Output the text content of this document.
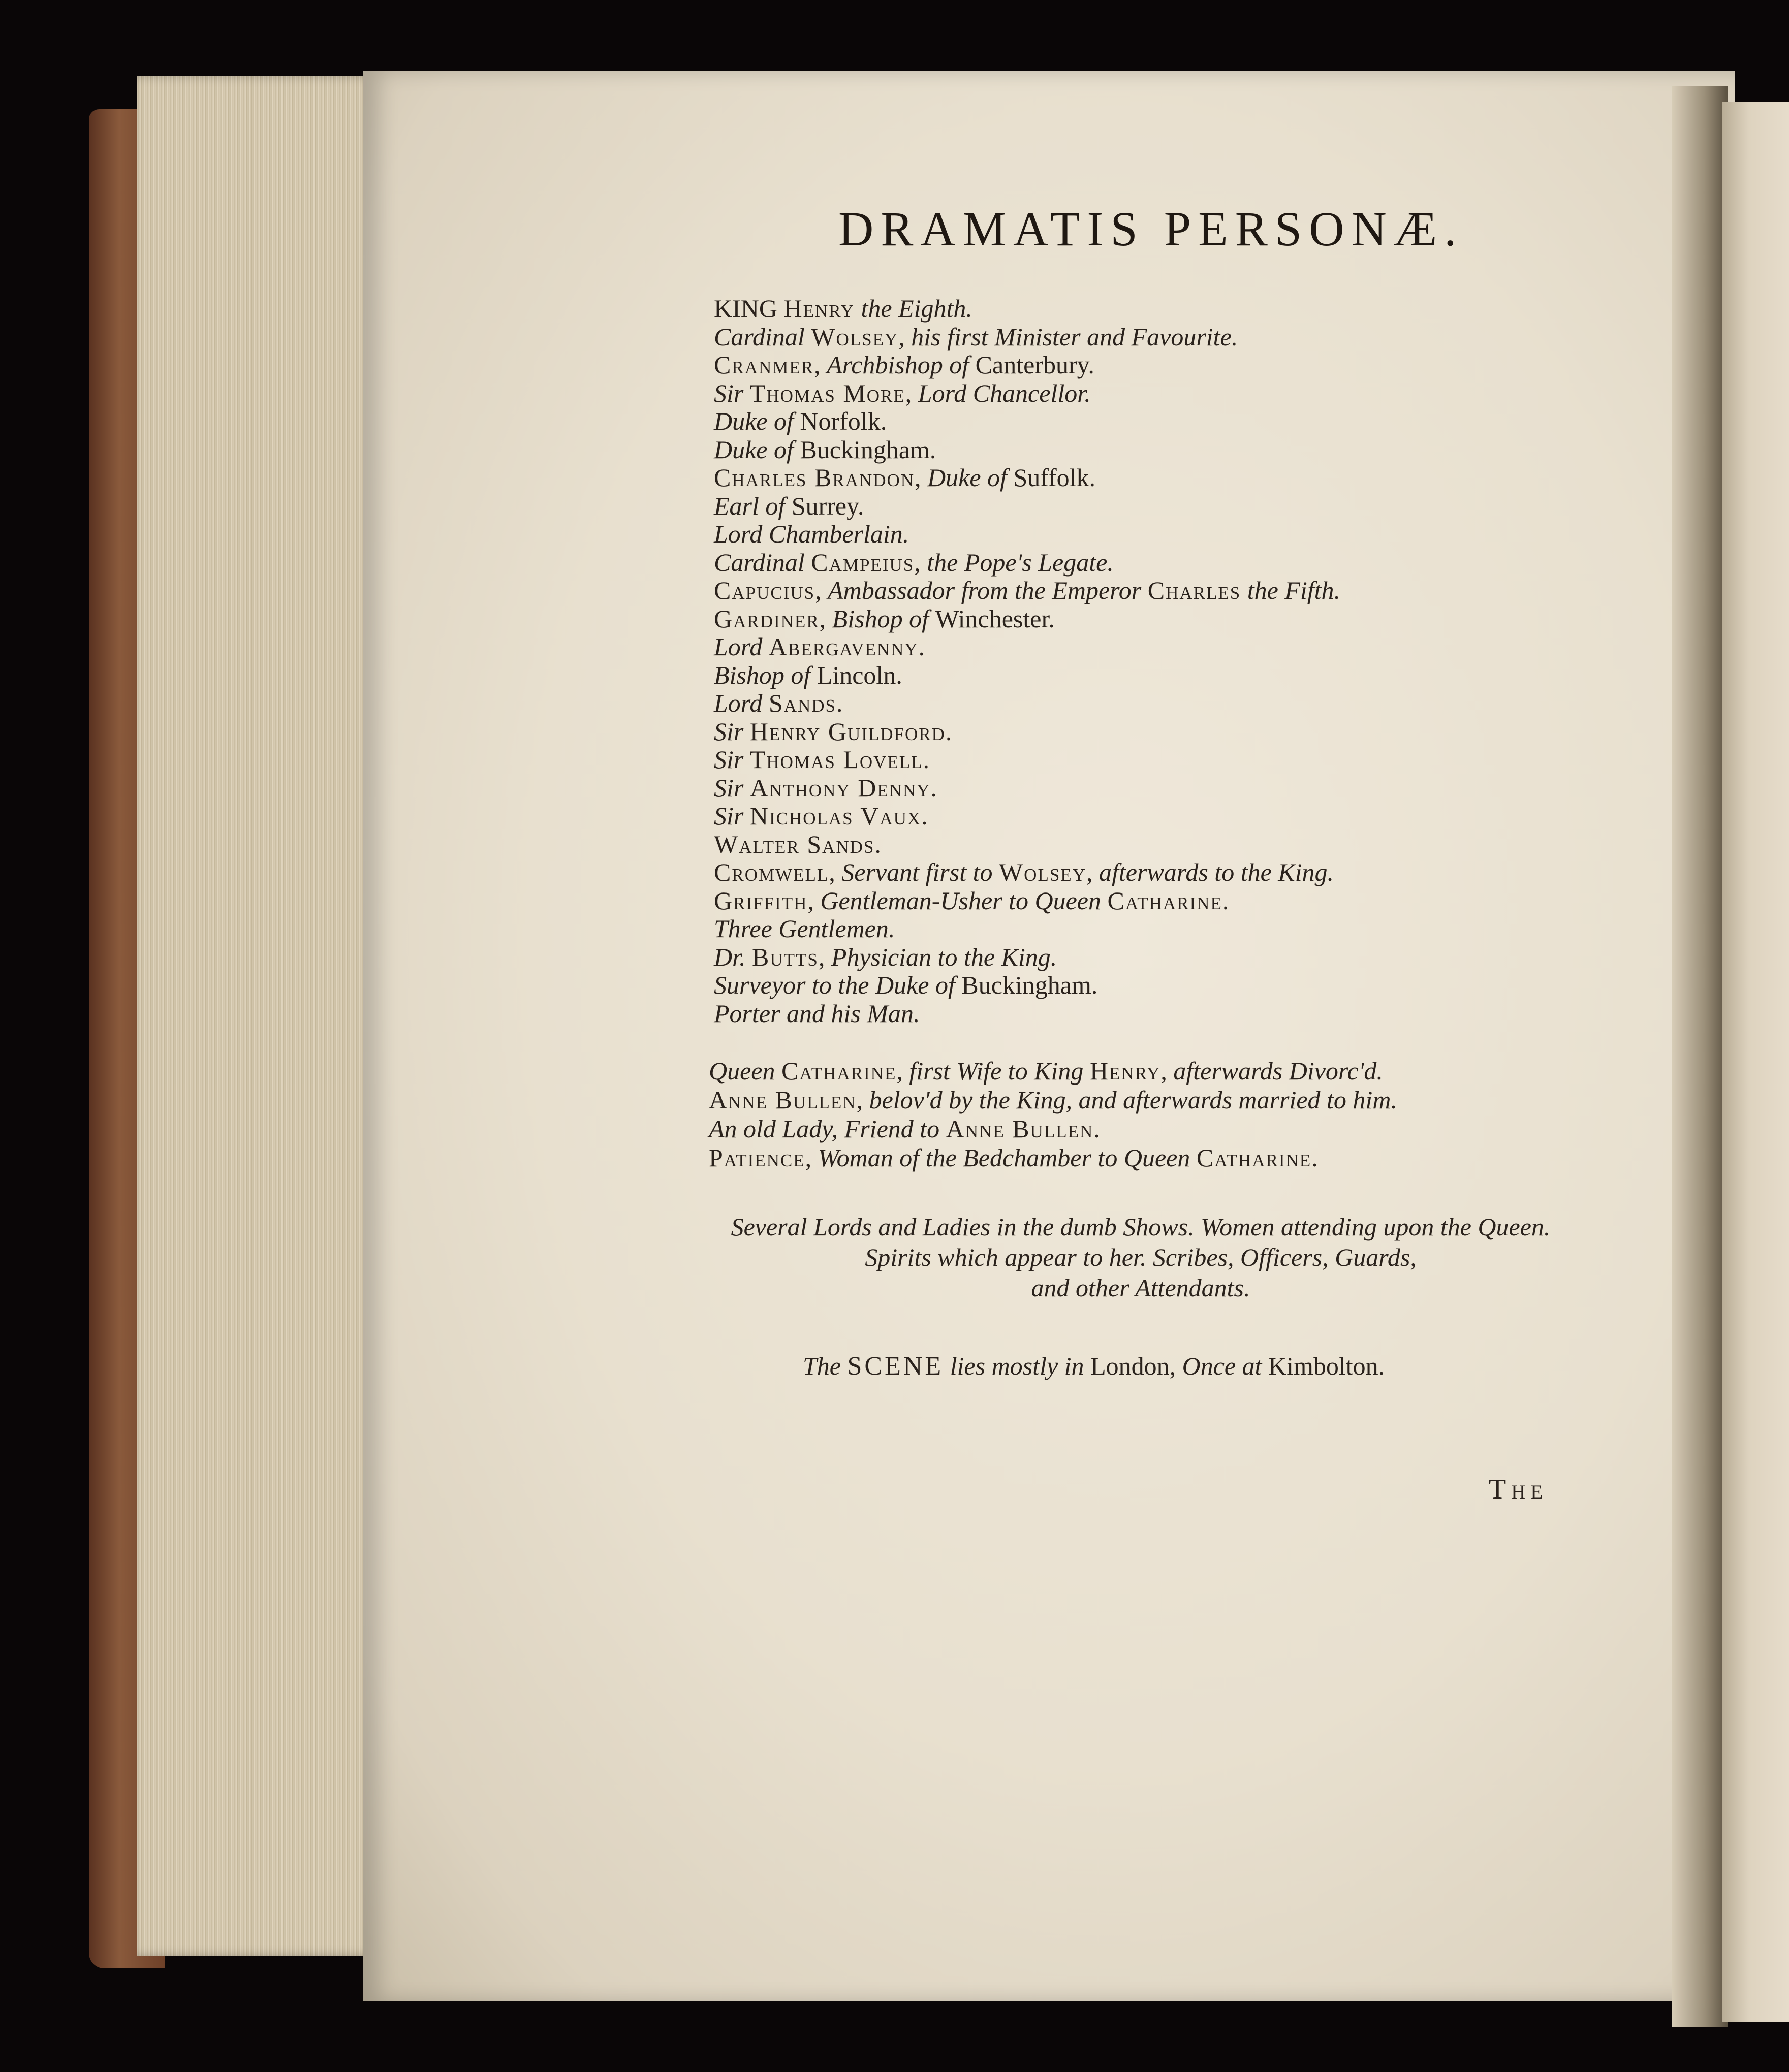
DRAMATIS PERSONÆ.
KING Henry the Eighth.
Cardinal Wolsey, his first Minister and Favourite.
Cranmer, Archbishop of Canterbury.
Sir Thomas More, Lord Chancellor.
Duke of Norfolk.
Duke of Buckingham.
Charles Brandon, Duke of Suffolk.
Earl of Surrey.
Lord Chamberlain.
Cardinal Campeius, the Pope's Legate.
Capucius, Ambassador from the Emperor Charles the Fifth.
Gardiner, Bishop of Winchester.
Lord Abergavenny.
Bishop of Lincoln.
Lord Sands.
Sir Henry Guildford.
Sir Thomas Lovell.
Sir Anthony Denny.
Sir Nicholas Vaux.
Walter Sands.
Cromwell, Servant first to Wolsey, afterwards to the King.
Griffith, Gentleman-Usher to Queen Catharine.
Three Gentlemen.
Dr. Butts, Physician to the King.
Surveyor to the Duke of Buckingham.
Porter and his Man.
Queen Catharine, first Wife to King Henry, afterwards Divorc'd.
Anne Bullen, belov'd by the King, and afterwards married to him.
An old Lady, Friend to Anne Bullen.
Patience, Woman of the Bedchamber to Queen Catharine.
Several Lords and Ladies in the dumb Shows. Women attending upon the Queen.
Spirits which appear to her. Scribes, Officers, Guards,
and other Attendants.
The SCENE lies mostly in London, Once at Kimbolton.
The
